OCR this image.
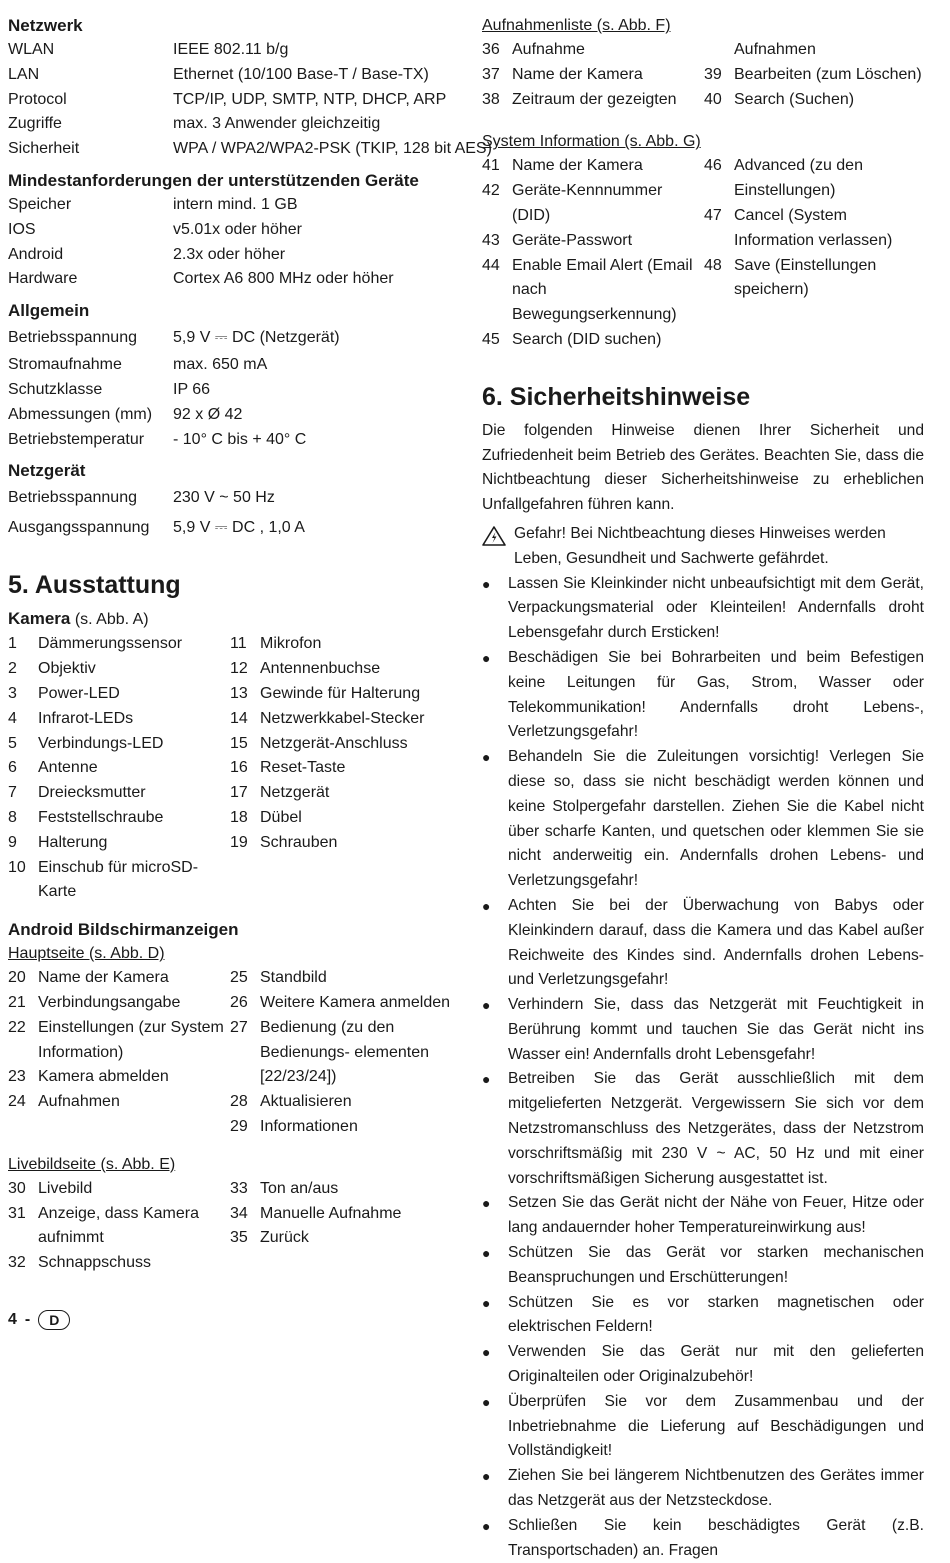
Netzwerk
WLAN	IEEE 802.11 b/g
LAN	Ethernet (10/100 Base-T / Base-TX)
Protocol	TCP/IP, UDP, SMTP, NTP, DHCP, ARP
Zugriffe	max. 3 Anwender gleichzeitig
Sicherheit	WPA / WPA2/WPA2-PSK (TKIP, 128 bit AES)
Mindestanforderungen der unterstützenden Geräte
Speicher	intern mind. 1 GB
IOS	v5.01x oder höher
Android	2.3x oder höher
Hardware	Cortex A6 800 MHz oder höher
Allgemein
Betriebsspannung	5,9 V ⎓ DC (Netzgerät)
Stromaufnahme	max. 650 mA
Schutzklasse	IP 66
Abmessungen (mm)	92 x Ø 42
Betriebstemperatur	- 10° C bis + 40° C
Netzgerät
Betriebsspannung	230 V ~ 50 Hz
Ausgangsspannung	5,9 V ⎓ DC , 1,0 A
5. Ausstattung
Kamera (s. Abb. A)
1	Dämmerungssensor
2	Objektiv
3	Power-LED
4	Infrarot-LEDs
5	Verbindungs-LED
6	Antenne
7	Dreiecksmutter
8	Feststellschraube
9	Halterung
10 Einschub für microSD-Karte
11 Mikrofon
12 Antennenbuchse
13 Gewinde für Halterung
14 Netzwerkkabel-Stecker
15 Netzgerät-Anschluss
16 Reset-Taste
17 Netzgerät
18 Dübel
19 Schrauben
Android Bildschirmanzeigen
Hauptseite (s. Abb. D)
20 Name der Kamera
21 Verbindungsangabe
22 Einstellungen (zur System Information)
23 Kamera abmelden
24 Aufnahmen
25 Standbild
26 Weitere Kamera anmelden
27 Bedienung (zu den Bedienungs- elementen [22/23/24])
28 Aktualisieren
29 Informationen
Livebildseite (s. Abb. E)
30 Livebild
31 Anzeige, dass Kamera aufnimmt
32 Schnappschuss
33 Ton an/aus
34 Manuelle Aufnahme
35 Zurück
Aufnahmenliste (s. Abb. F)
36 Aufnahme
37 Name der Kamera
38 Zeitraum der gezeigten
Aufnahmen
39 Bearbeiten (zum Löschen)
40 Search (Suchen)
System Information (s. Abb. G)
41 Name der Kamera
42 Geräte-Kennnummer (DID)
43 Geräte-Passwort
44 Enable Email Alert (Email nach Bewegungserkennung)
45 Search (DID suchen)
46 Advanced (zu den Einstellungen)
47 Cancel (System Information verlassen)
48 Save (Einstellungen speichern)
6. Sicherheitshinweise

Die folgenden Hinweise dienen Ihrer Sicherheit und Zufriedenheit beim Betrieb des Gerätes. Beachten Sie, dass die Nichtbeachtung dieser Sicherheitshinweise zu erheblichen Unfallgefahren führen kann.

Gefahr! Bei Nichtbeachtung dieses Hinweises werden Leben, Gesundheit und Sachwerte gefährdet.
●	Lassen Sie Kleinkinder nicht unbeaufsichtigt mit dem Gerät, Verpackungsmaterial oder Kleinteilen! Andernfalls droht Lebensgefahr durch Ersticken!
●	Beschädigen Sie bei Bohrarbeiten und beim Befestigen keine Leitungen für Gas, Strom, Wasser oder Telekommunikation! Andernfalls droht Lebens-, Verletzungsgefahr!
●	Behandeln Sie die Zuleitungen vorsichtig! Verlegen Sie diese so, dass sie nicht beschädigt werden können und keine Stolpergefahr darstellen. Ziehen Sie die Kabel nicht über scharfe Kanten, und quetschen oder klemmen Sie sie nicht anderweitig ein. Andernfalls drohen Lebens- und Verletzungsgefahr!
●	Achten Sie bei der Überwachung von Babys oder Kleinkindern darauf, dass die Kamera und das Kabel außer Reichweite des Kindes sind. Andernfalls drohen Lebens- und Verletzungsgefahr!
●	Verhindern Sie, dass das Netzgerät mit Feuchtigkeit in Berührung kommt und tauchen Sie das Gerät nicht ins Wasser ein! Andernfalls droht Lebensgefahr!
●	Betreiben Sie das Gerät ausschließlich mit dem mitgelieferten Netzgerät. Vergewissern Sie sich vor dem Netzstromanschluss des Netzgerätes, dass der Netzstrom vorschriftsmäßig mit 230 V ~ AC, 50 Hz und mit einer vorschriftsmäßigen Sicherung ausgestattet ist.
●	Setzen Sie das Gerät nicht der Nähe von Feuer, Hitze oder lang andauernder hoher Temperatureinwirkung aus!
●	Schützen Sie das Gerät vor starken mechanischen Beanspruchungen und Erschütterungen!
●	Schützen Sie es vor starken magnetischen oder elektrischen Feldern!
●	Verwenden Sie das Gerät nur mit den gelieferten Originalteilen oder Originalzubehör!
●	Überprüfen Sie vor dem Zusammenbau und der Inbetriebnahme die Lieferung auf Beschädigungen und Vollständigkeit!
●	Ziehen Sie bei längerem Nichtbenutzen des Gerätes immer das Netzgerät aus der Netzsteckdose.
●	Schließen Sie kein beschädigtes Gerät (z.B. Transportschaden) an. Fragen
4 -	D
